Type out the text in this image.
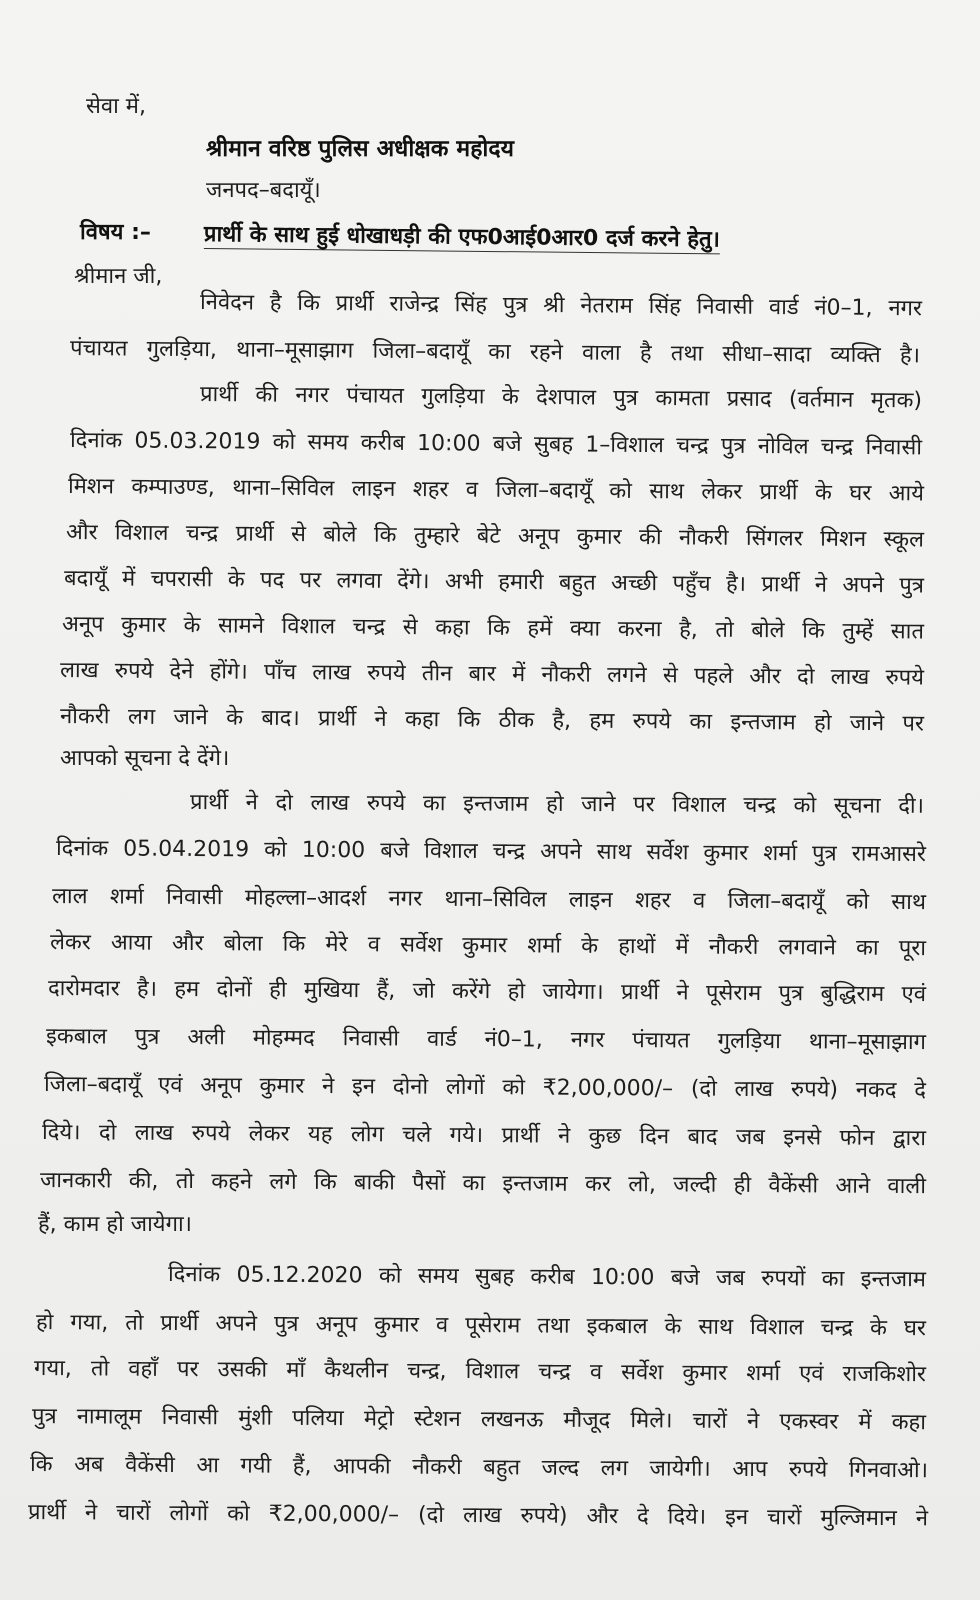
सेवा में,
श्रीमान वरिष्ठ पुलिस अधीक्षक महोदय
जनपद–बदायूँ।
विषय :– प्रार्थी के साथ हुई धोखाधड़ी की एफ0आई0आर0 दर्ज करने हेतु।
श्रीमान जी,
निवेदन है कि प्रार्थी राजेन्द्र सिंह पुत्र श्री नेतराम सिंह निवासी वार्ड नं0–1, नगर
पंचायत गुलड़िया, थाना–मूसाझाग जिला–बदायूँ का रहने वाला है तथा सीधा–सादा व्यक्ति है।
प्रार्थी की नगर पंचायत गुलड़िया के देशपाल पुत्र कामता प्रसाद (वर्तमान मृतक)
दिनांक 05.03.2019 को समय करीब 10:00 बजे सुबह 1–विशाल चन्द्र पुत्र नोविल चन्द्र निवासी
मिशन कम्पाउण्ड, थाना–सिविल लाइन शहर व जिला–बदायूँ को साथ लेकर प्रार्थी के घर आये
और विशाल चन्द्र प्रार्थी से बोले कि तुम्हारे बेटे अनूप कुमार की नौकरी सिंगलर मिशन स्कूल
बदायूँ में चपरासी के पद पर लगवा देंगे। अभी हमारी बहुत अच्छी पहुँच है। प्रार्थी ने अपने पुत्र
अनूप कुमार के सामने विशाल चन्द्र से कहा कि हमें क्या करना है, तो बोले कि तुम्हें सात
लाख रुपये देने होंगे। पाँच लाख रुपये तीन बार में नौकरी लगने से पहले और दो लाख रुपये
नौकरी लग जाने के बाद। प्रार्थी ने कहा कि ठीक है, हम रुपये का इन्तजाम हो जाने पर
आपको सूचना दे देंगे।
प्रार्थी ने दो लाख रुपये का इन्तजाम हो जाने पर विशाल चन्द्र को सूचना दी।
दिनांक 05.04.2019 को 10:00 बजे विशाल चन्द्र अपने साथ सर्वेश कुमार शर्मा पुत्र रामआसरे
लाल शर्मा निवासी मोहल्ला–आदर्श नगर थाना–सिविल लाइन शहर व जिला–बदायूँ को साथ
लेकर आया और बोला कि मेरे व सर्वेश कुमार शर्मा के हाथों में नौकरी लगवाने का पूरा
दारोमदार है। हम दोनों ही मुखिया हैं, जो करेंगे हो जायेगा। प्रार्थी ने पूसेराम पुत्र बुद्धिराम एवं
इकबाल पुत्र अली मोहम्मद निवासी वार्ड नं0–1, नगर पंचायत गुलड़िया थाना–मूसाझाग
जिला–बदायूँ एवं अनूप कुमार ने इन दोनो लोगों को ₹2,00,000/– (दो लाख रुपये) नकद दे
दिये। दो लाख रुपये लेकर यह लोग चले गये। प्रार्थी ने कुछ दिन बाद जब इनसे फोन द्वारा
जानकारी की, तो कहने लगे कि बाकी पैसों का इन्तजाम कर लो, जल्दी ही वैकेंसी आने वाली
हैं, काम हो जायेगा।
दिनांक 05.12.2020 को समय सुबह करीब 10:00 बजे जब रुपयों का इन्तजाम
हो गया, तो प्रार्थी अपने पुत्र अनूप कुमार व पूसेराम तथा इकबाल के साथ विशाल चन्द्र के घर
गया, तो वहाँ पर उसकी माँ कैथलीन चन्द्र, विशाल चन्द्र व सर्वेश कुमार शर्मा एवं राजकिशोर
पुत्र नामालूम निवासी मुंशी पलिया मेट्रो स्टेशन लखनऊ मौजूद मिले। चारों ने एकस्वर में कहा
कि अब वैकेंसी आ गयी हैं, आपकी नौकरी बहुत जल्द लग जायेगी। आप रुपये गिनवाओ।
प्रार्थी ने चारों लोगों को ₹2,00,000/– (दो लाख रुपये) और दे दिये। इन चारों मुल्जिमान ने
